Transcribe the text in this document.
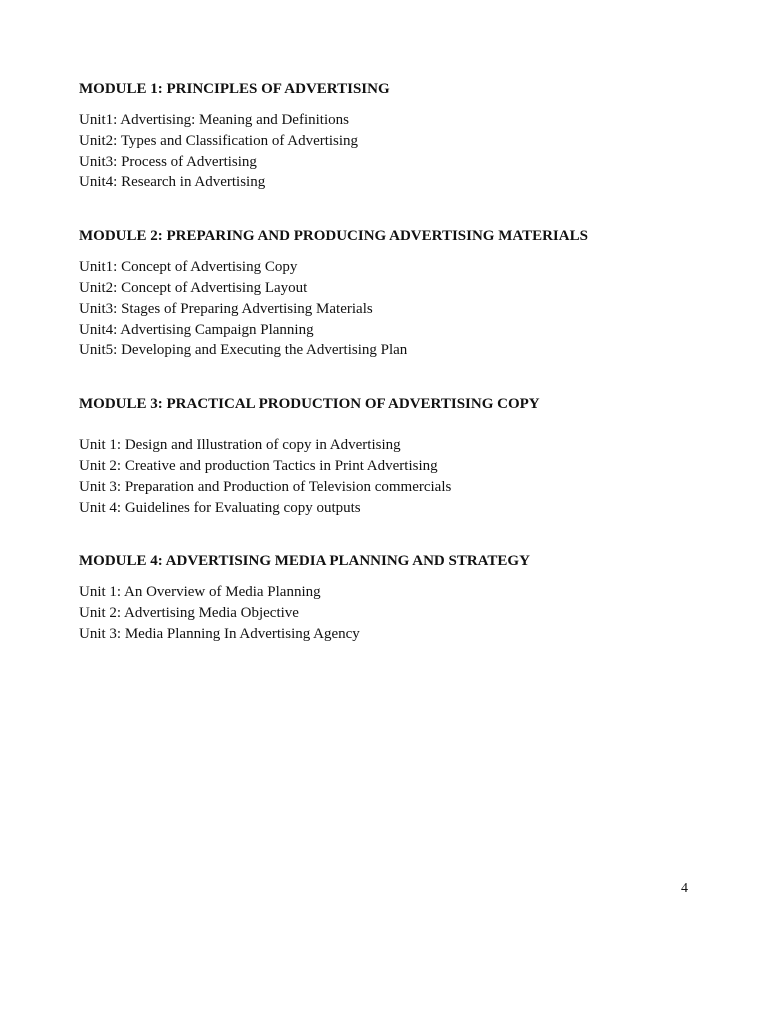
MODULE 1: PRINCIPLES OF ADVERTISING
Unit1: Advertising: Meaning and Definitions
Unit2: Types and Classification of Advertising
Unit3: Process of Advertising
Unit4: Research in Advertising
MODULE 2: PREPARING AND PRODUCING ADVERTISING MATERIALS
Unit1: Concept of Advertising Copy
Unit2: Concept of Advertising Layout
Unit3: Stages of Preparing Advertising Materials
Unit4: Advertising Campaign Planning
Unit5: Developing and Executing the Advertising Plan
MODULE 3: PRACTICAL PRODUCTION OF ADVERTISING COPY
Unit 1: Design and Illustration of copy in Advertising
Unit 2: Creative and production Tactics in Print Advertising
Unit 3: Preparation and Production of Television commercials
Unit 4: Guidelines for Evaluating copy outputs
MODULE 4: ADVERTISING MEDIA PLANNING AND STRATEGY
Unit 1: An Overview of Media Planning
Unit 2: Advertising Media Objective
Unit 3: Media Planning In Advertising Agency
4
